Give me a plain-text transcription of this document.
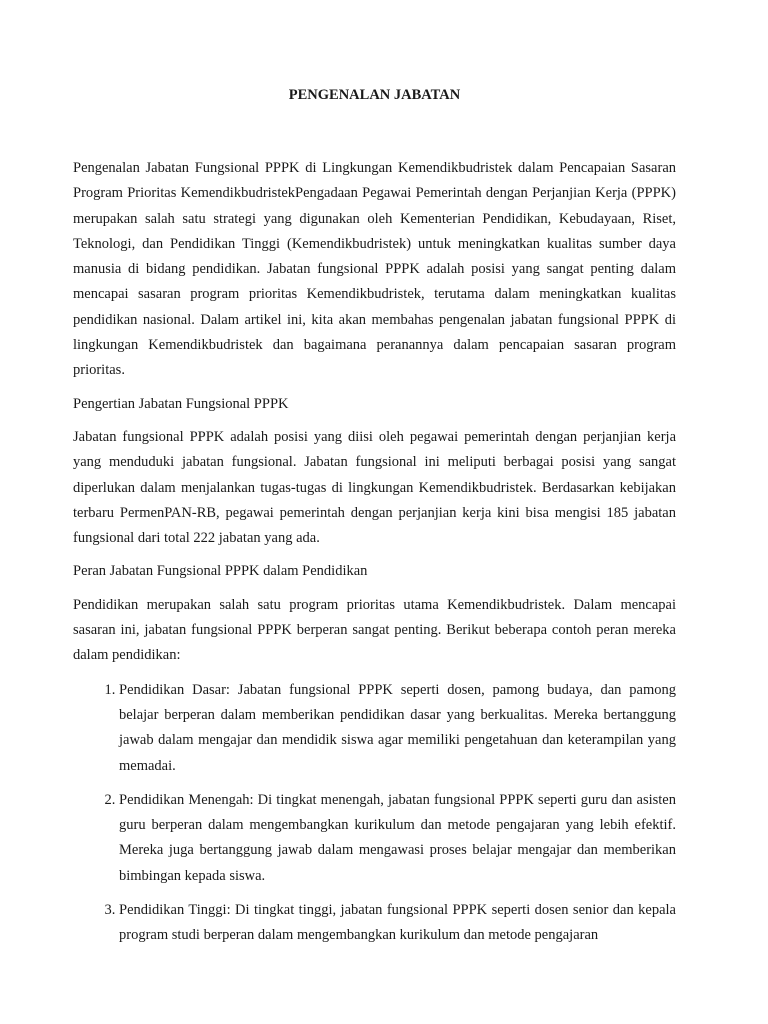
PENGENALAN JABATAN

Pengenalan Jabatan Fungsional PPPK di Lingkungan Kemendikbudristek dalam Pencapaian Sasaran Program Prioritas KemendikbudristekPengadaan Pegawai Pemerintah dengan Perjanjian Kerja (PPPK) merupakan salah satu strategi yang digunakan oleh Kementerian Pendidikan, Kebudayaan, Riset, Teknologi, dan Pendidikan Tinggi (Kemendikbudristek) untuk meningkatkan kualitas sumber daya manusia di bidang pendidikan. Jabatan fungsional PPPK adalah posisi yang sangat penting dalam mencapai sasaran program prioritas Kemendikbudristek, terutama dalam meningkatkan kualitas pendidikan nasional. Dalam artikel ini, kita akan membahas pengenalan jabatan fungsional PPPK di lingkungan Kemendikbudristek dan bagaimana peranannya dalam pencapaian sasaran program prioritas.

Pengertian Jabatan Fungsional PPPK

Jabatan fungsional PPPK adalah posisi yang diisi oleh pegawai pemerintah dengan perjanjian kerja yang menduduki jabatan fungsional. Jabatan fungsional ini meliputi berbagai posisi yang sangat diperlukan dalam menjalankan tugas-tugas di lingkungan Kemendikbudristek. Berdasarkan kebijakan terbaru PermenPAN-RB, pegawai pemerintah dengan perjanjian kerja kini bisa mengisi 185 jabatan fungsional dari total 222 jabatan yang ada.

Peran Jabatan Fungsional PPPK dalam Pendidikan

Pendidikan merupakan salah satu program prioritas utama Kemendikbudristek. Dalam mencapai sasaran ini, jabatan fungsional PPPK berperan sangat penting. Berikut beberapa contoh peran mereka dalam pendidikan:

1. Pendidikan Dasar: Jabatan fungsional PPPK seperti dosen, pamong budaya, dan pamong belajar berperan dalam memberikan pendidikan dasar yang berkualitas. Mereka bertanggung jawab dalam mengajar dan mendidik siswa agar memiliki pengetahuan dan keterampilan yang memadai.
2. Pendidikan Menengah: Di tingkat menengah, jabatan fungsional PPPK seperti guru dan asisten guru berperan dalam mengembangkan kurikulum dan metode pengajaran yang lebih efektif. Mereka juga bertanggung jawab dalam mengawasi proses belajar mengajar dan memberikan bimbingan kepada siswa.
3. Pendidikan Tinggi: Di tingkat tinggi, jabatan fungsional PPPK seperti dosen senior dan kepala program studi berperan dalam mengembangkan kurikulum dan metode pengajaran
